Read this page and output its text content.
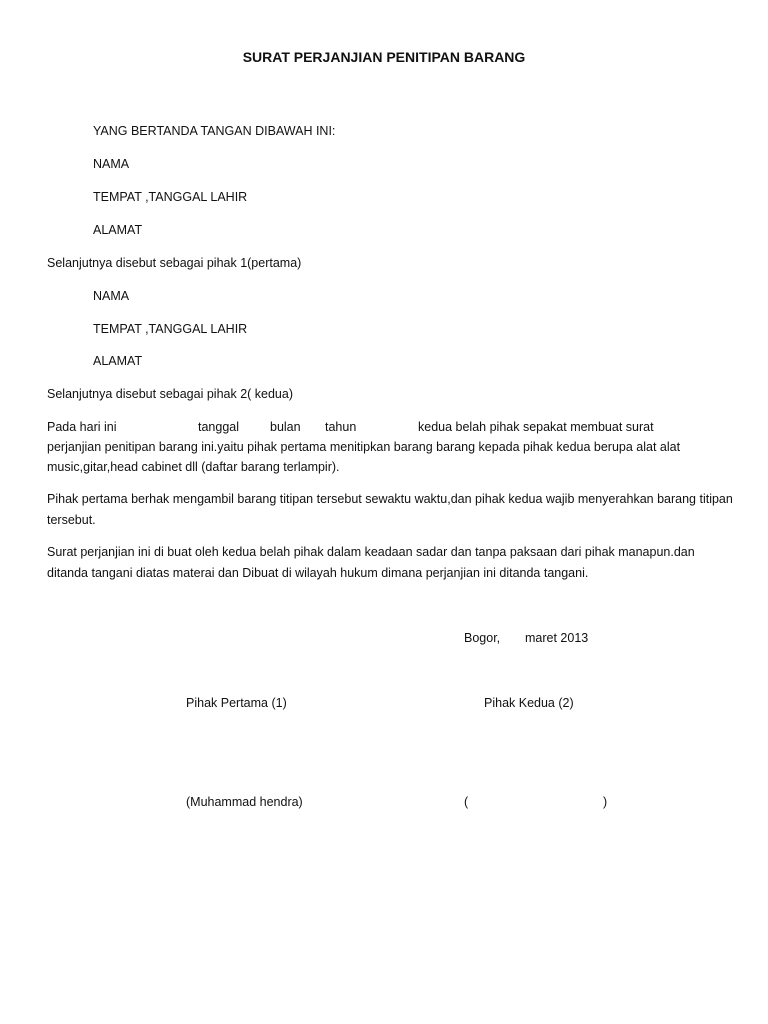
SURAT PERJANJIAN PENITIPAN BARANG
YANG BERTANDA TANGAN DIBAWAH INI:
NAMA
TEMPAT ,TANGGAL LAHIR
ALAMAT
Selanjutnya disebut sebagai pihak 1(pertama)
NAMA
TEMPAT ,TANGGAL LAHIR
ALAMAT
Selanjutnya disebut sebagai pihak 2( kedua)
Pada hari ini	tanggal bulan tahun	kedua belah pihak sepakat membuat surat
perjanjian penitipan barang ini.yaitu pihak pertama menitipkan barang barang kepada pihak kedua berupa alat alat
music,gitar,head cabinet dll (daftar barang terlampir).
Pihak pertama berhak mengambil barang titipan tersebut sewaktu waktu,dan pihak kedua wajib menyerahkan barang titipan tersebut.
Surat perjanjian ini di buat oleh kedua belah pihak dalam keadaan sadar dan tanpa paksaan dari pihak manapun.dan ditanda tangani diatas materai dan Dibuat di wilayah hukum dimana perjanjian ini ditanda tangani.
Bogor, maret 2013
Pihak Pertama (1)	Pihak Kedua (2)
(Muhammad hendra)	(	)
